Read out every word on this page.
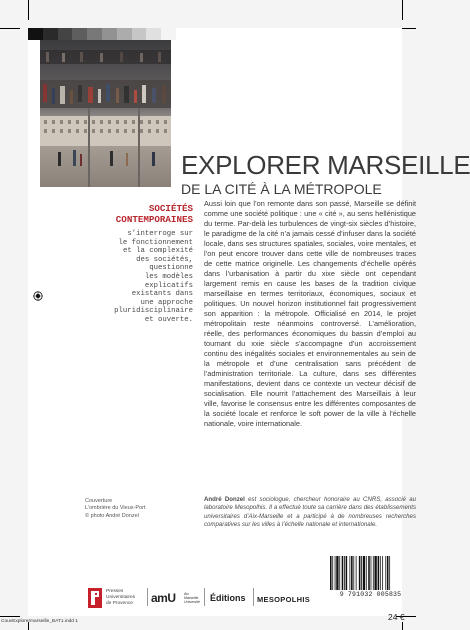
EXPLORER MARSEILLE
DE LA CITÉ À LA MÉTROPOLE
SOCIÉTÉS
CONTEMPORAINES
s’interroge sur
le fonctionnement
et la complexité
des sociétés,
questionne
les modèles
explicatifs
existants dans
une approche
pluridisciplinaire
et ouverte.
Aussi loin que l’on remonte dans son passé, Marseille se définit comme une société politique : une « cité », au sens hellénistique du terme. Par-delà les turbulences de vingt-six siècles d’histoire, le paradigme de la cité n’a jamais cessé d’infuser dans la société locale, dans ses structures spatiales, sociales, voire mentales, et l’on peut encore trouver dans cette ville de nombreuses traces de cette matrice originelle. Les changements d’échelle opérés dans l’urbanisation à partir du xixe siècle ont cependant largement remis en cause les bases de la tradition civique marseillaise en termes territoriaux, économiques, sociaux et politiques. Un nouvel horizon institutionnel fait progressivement son apparition : la métropole. Officialisé en 2014, le projet métropolitain reste néanmoins controversé. L’amélioration, réelle, des performances économiques du bassin d’emploi au tournant du xxie siècle s’accompagne d’un accroissement continu des inégalités sociales et environnementales au sein de la métropole et d’une centralisation sans précédent de l’administration territoriale. La culture, dans ses différentes manifestations, devient dans ce contexte un vecteur décisif de socialisation. Elle nourrit l’attachement des Marseillais à leur ville, favorise le consensus entre les différentes composantes de la société locale et renforce le soft power de la ville à l’échelle nationale, voire internationale.
Couverture
L’ombrière du Vieux-Port
© photo André Donzel
André Donzel est sociologue, chercheur honoraire au CNRS, associé au laboratoire Mesopolhis. Il a effectué toute sa carrière dans des établissements universitaires d’Aix-Marseille et a participé à de nombreuses recherches comparatives sur les villes à l’échelle nationale et internationale.
Presses
Universitaires
de Provence amU Aix
Marseille
Université Éditions MESOPOLHIS
9 791032 005835
24 €
CouvExplorermarseille_BAT1.indd 1
